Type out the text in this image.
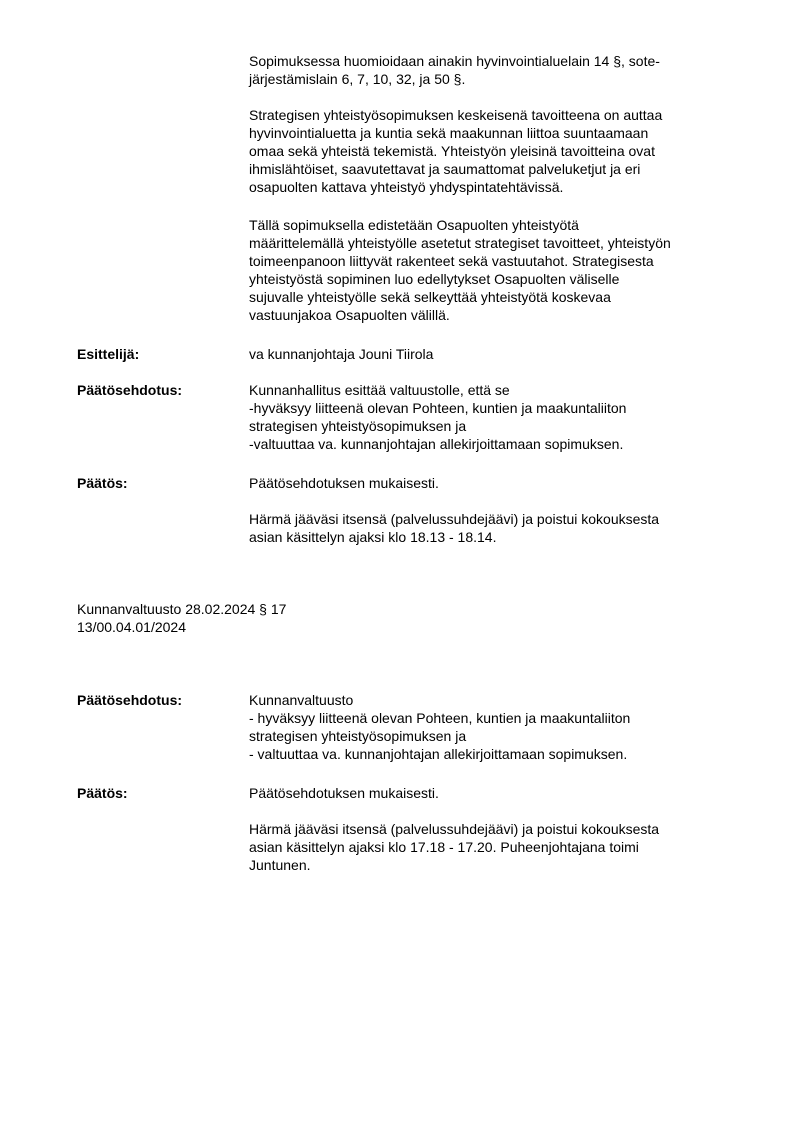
Sopimuksessa huomioidaan ainakin hyvinvointialuelain 14 §, sote-
järjestämislain 6, 7, 10, 32, ja 50 §.

Strategisen yhteistyösopimuksen keskeisenä tavoitteena on auttaa
hyvinvointialuetta ja kuntia sekä maakunnan liittoa suuntaamaan
omaa sekä yhteistä tekemistä. Yhteistyön yleisinä tavoitteina ovat
ihmislähtöiset, saavutettavat ja saumattomat palveluketjut ja eri
osapuolten kattava yhteistyö yhdyspintatehtävissä.

Tällä sopimuksella edistetään Osapuolten yhteistyötä
määrittelemällä yhteistyölle asetetut strategiset tavoitteet, yhteistyön
toimeenpanoon liittyvät rakenteet sekä vastuutahot. Strategisesta
yhteistyöstä sopiminen luo edellytykset Osapuolten väliselle
sujuvalle yhteistyölle sekä selkeyttää yhteistyötä koskevaa
vastuunjakoa Osapuolten välillä.

Esittelijä:	va kunnanjohtaja Jouni Tiirola

Päätösehdotus:	Kunnanhallitus esittää valtuustolle, että se
-hyväksyy liitteenä olevan Pohteen, kuntien ja maakuntaliiton
strategisen yhteistyösopimuksen ja
-valtuuttaa va. kunnanjohtajan allekirjoittamaan sopimuksen.

Päätös:	Päätösehdotuksen mukaisesti.

Härmä jääväsi itsensä (palvelussuhdejäävi) ja poistui kokouksesta
asian käsittelyn ajaksi klo 18.13 - 18.14.

Kunnanvaltuusto 28.02.2024 § 17
13/00.04.01/2024

Päätösehdotus:	Kunnanvaltuusto
- hyväksyy liitteenä olevan Pohteen, kuntien ja maakuntaliiton
strategisen yhteistyösopimuksen ja
- valtuuttaa va. kunnanjohtajan allekirjoittamaan sopimuksen.

Päätös:	Päätösehdotuksen mukaisesti.

Härmä jääväsi itsensä (palvelussuhdejäävi) ja poistui kokouksesta
asian käsittelyn ajaksi klo 17.18 - 17.20. Puheenjohtajana toimi
Juntunen.
